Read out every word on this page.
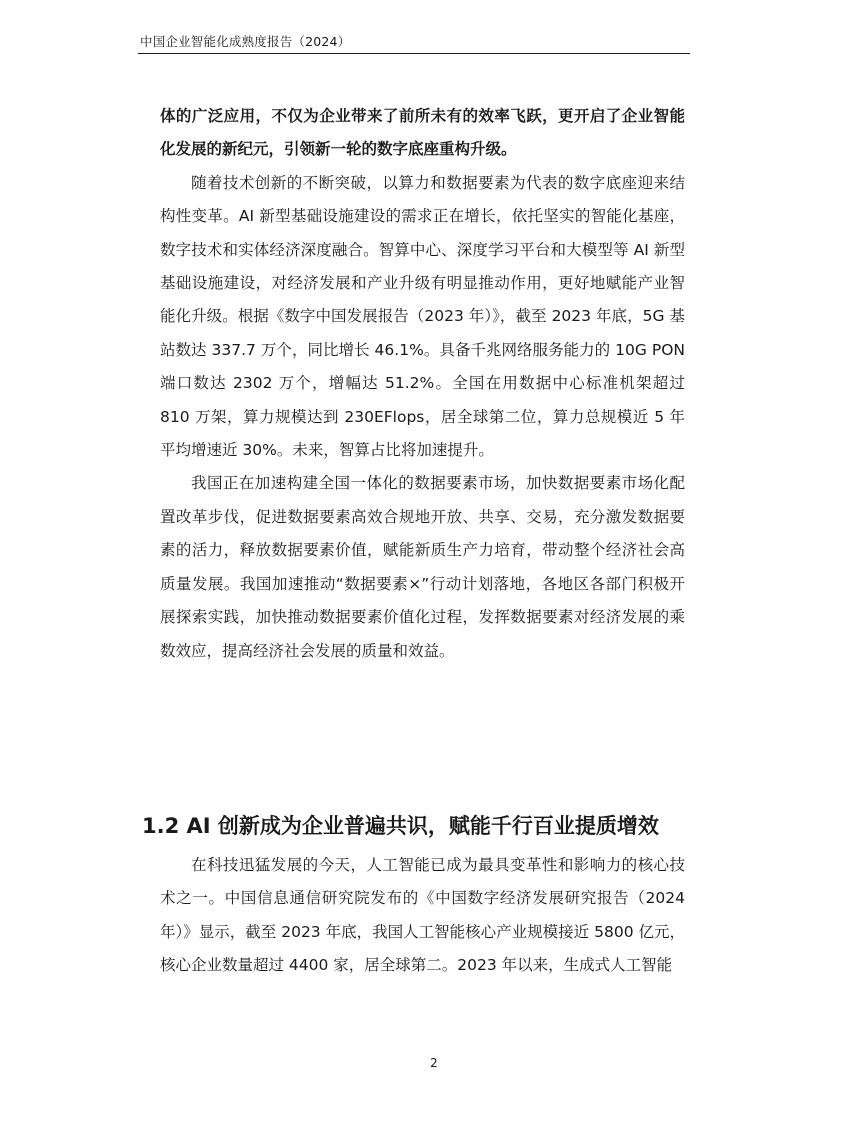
中国企业智能化成熟度报告（2024）

体的广泛应用，不仅为企业带来了前所未有的效率飞跃，更开启了企业智能化发展的新纪元，引领新一轮的数字底座重构升级。

随着技术创新的不断突破，以算力和数据要素为代表的数字底座迎来结构性变革。AI 新型基础设施建设的需求正在增长，依托坚实的智能化基座，数字技术和实体经济深度融合。智算中心、深度学习平台和大模型等 AI 新型基础设施建设，对经济发展和产业升级有明显推动作用，更好地赋能产业智能化升级。根据《数字中国发展报告（2023 年）》，截至 2023 年底，5G 基站数达 337.7 万个，同比增长 46.1%。具备千兆网络服务能力的 10G PON 端口数达 2302 万个，增幅达 51.2%。全国在用数据中心标准机架超过 810 万架，算力规模达到 230EFlops，居全球第二位，算力总规模近 5 年平均增速近 30%。未来，智算占比将加速提升。

我国正在加速构建全国一体化的数据要素市场，加快数据要素市场化配置改革步伐，促进数据要素高效合规地开放、共享、交易，充分激发数据要素的活力，释放数据要素价值，赋能新质生产力培育，带动整个经济社会高质量发展。我国加速推动“数据要素×”行动计划落地，各地区各部门积极开展探索实践，加快推动数据要素价值化过程，发挥数据要素对经济发展的乘数效应，提高经济社会发展的质量和效益。

1.2 AI 创新成为企业普遍共识，赋能千行百业提质增效

在科技迅猛发展的今天，人工智能已成为最具变革性和影响力的核心技术之一。中国信息通信研究院发布的《中国数字经济发展研究报告（2024 年）》显示，截至 2023 年底，我国人工智能核心产业规模接近 5800 亿元，核心企业数量超过 4400 家，居全球第二。2023 年以来，生成式人工智能

2
